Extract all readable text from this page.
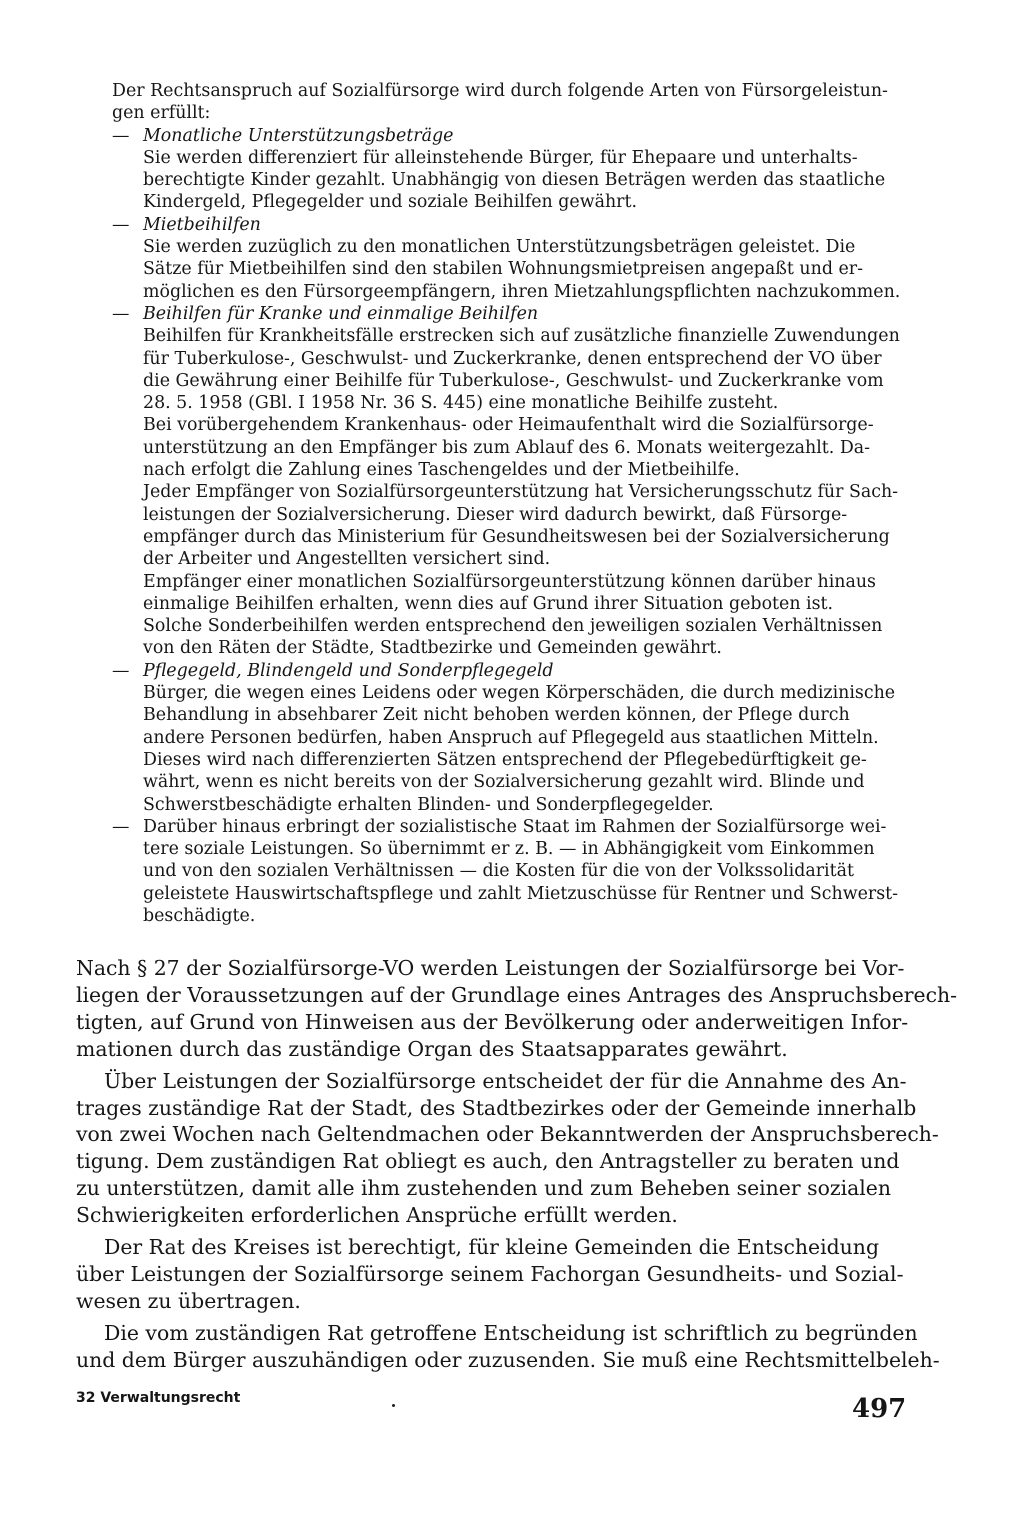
Der Rechtsanspruch auf Sozialfürsorge wird durch folgende Arten von Fürsorgeleistun-
gen erfüllt:
— Monatliche Unterstützungsbeträge
Sie werden differenziert für alleinstehende Bürger, für Ehepaare und unterhalts-
berechtigte Kinder gezahlt. Unabhängig von diesen Beträgen werden das staatliche
Kindergeld, Pflegegelder und soziale Beihilfen gewährt.
— Mietbeihilfen
Sie werden zuzüglich zu den monatlichen Unterstützungsbeträgen geleistet. Die
Sätze für Mietbeihilfen sind den stabilen Wohnungsmietpreisen angepaßt und er-
möglichen es den Fürsorgeempfängern, ihren Mietzahlungspflichten nachzukommen.
— Beihilfen für Kranke und einmalige Beihilfen
Beihilfen für Krankheitsfälle erstrecken sich auf zusätzliche finanzielle Zuwendungen
für Tuberkulose-, Geschwulst- und Zuckerkranke, denen entsprechend der VO über
die Gewährung einer Beihilfe für Tuberkulose-, Geschwulst- und Zuckerkranke vom
28. 5. 1958 (GBl. I 1958 Nr. 36 S. 445) eine monatliche Beihilfe zusteht.
Bei vorübergehendem Krankenhaus- oder Heimaufenthalt wird die Sozialfürsorge-
unterstützung an den Empfänger bis zum Ablauf des 6. Monats weitergezahlt. Da-
nach erfolgt die Zahlung eines Taschengeldes und der Mietbeihilfe.
Jeder Empfänger von Sozialfürsorgeunterstützung hat Versicherungsschutz für Sach-
leistungen der Sozialversicherung. Dieser wird dadurch bewirkt, daß Fürsorge-
empfänger durch das Ministerium für Gesundheitswesen bei der Sozialversicherung
der Arbeiter und Angestellten versichert sind.
Empfänger einer monatlichen Sozialfürsorgeunterstützung können darüber hinaus
einmalige Beihilfen erhalten, wenn dies auf Grund ihrer Situation geboten ist.
Solche Sonderbeihilfen werden entsprechend den jeweiligen sozialen Verhältnissen
von den Räten der Städte, Stadtbezirke und Gemeinden gewährt.
— Pflegegeld, Blindengeld und Sonderpflegegeld
Bürger, die wegen eines Leidens oder wegen Körperschäden, die durch medizinische
Behandlung in absehbarer Zeit nicht behoben werden können, der Pflege durch
andere Personen bedürfen, haben Anspruch auf Pflegegeld aus staatlichen Mitteln.
Dieses wird nach differenzierten Sätzen entsprechend der Pflegebedürftigkeit ge-
währt, wenn es nicht bereits von der Sozialversicherung gezahlt wird. Blinde und
Schwerstbeschädigte erhalten Blinden- und Sonderpflegegelder.
— Darüber hinaus erbringt der sozialistische Staat im Rahmen der Sozialfürsorge wei-
tere soziale Leistungen. So übernimmt er z. B. — in Abhängigkeit vom Einkommen
und von den sozialen Verhältnissen — die Kosten für die von der Volkssolidarität
geleistete Hauswirtschaftspflege und zahlt Mietzuschüsse für Rentner und Schwerst-
beschädigte.

Nach § 27 der Sozialfürsorge-VO werden Leistungen der Sozialfürsorge bei Vor-
liegen der Voraussetzungen auf der Grundlage eines Antrages des Anspruchsberech-
tigten, auf Grund von Hinweisen aus der Bevölkerung oder anderweitigen Infor-
mationen durch das zuständige Organ des Staatsapparates gewährt.

Über Leistungen der Sozialfürsorge entscheidet der für die Annahme des An-
trages zuständige Rat der Stadt, des Stadtbezirkes oder der Gemeinde innerhalb
von zwei Wochen nach Geltendmachen oder Bekanntwerden der Anspruchsberech-
tigung. Dem zuständigen Rat obliegt es auch, den Antragsteller zu beraten und
zu unterstützen, damit alle ihm zustehenden und zum Beheben seiner sozialen
Schwierigkeiten erforderlichen Ansprüche erfüllt werden.

Der Rat des Kreises ist berechtigt, für kleine Gemeinden die Entscheidung
über Leistungen der Sozialfürsorge seinem Fachorgan Gesundheits- und Sozial-
wesen zu übertragen.

Die vom zuständigen Rat getroffene Entscheidung ist schriftlich zu begründen
und dem Bürger auszuhändigen oder zuzusenden. Sie muß eine Rechtsmittelbeleh-

32 Verwaltungsrecht	497
